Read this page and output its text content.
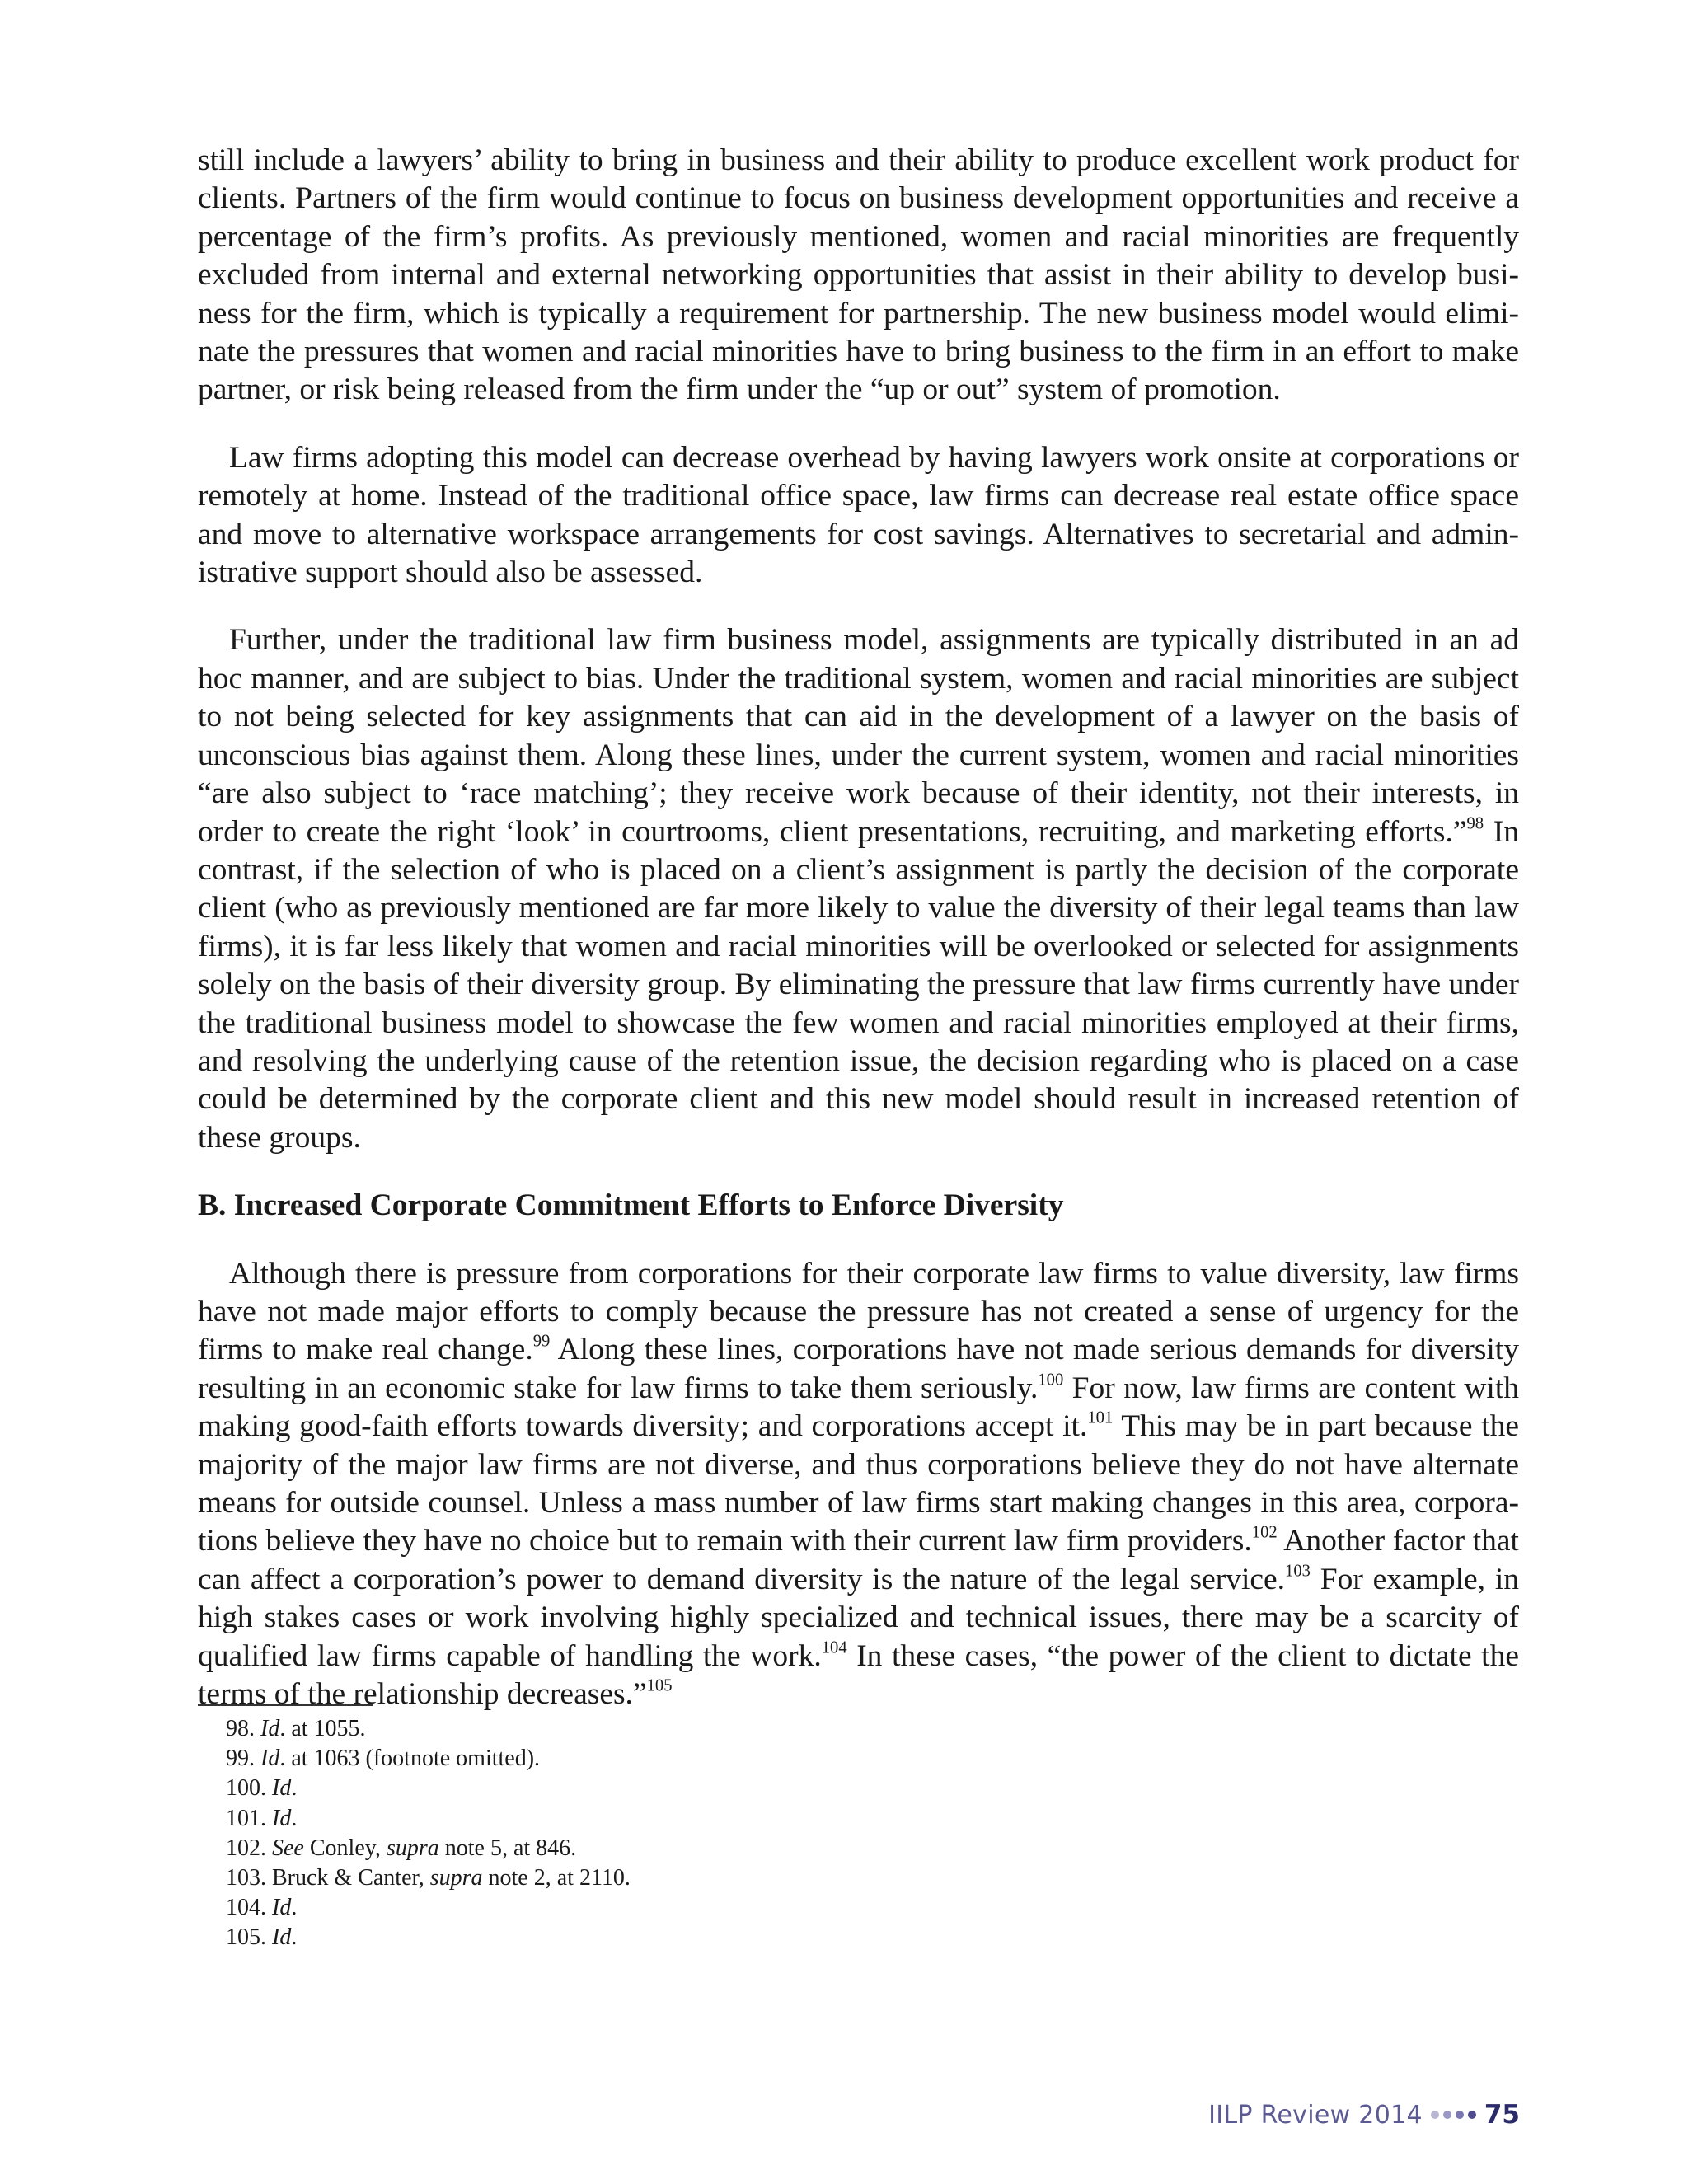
still include a lawyers’ ability to bring in business and their ability to produce excellent work product for clients. Partners of the firm would continue to focus on business development opportunities and receive a percentage of the firm’s profits. As previously mentioned, women and racial minorities are frequently excluded from internal and external networking opportunities that assist in their ability to develop business for the firm, which is typically a requirement for partnership. The new business model would eliminate the pressures that women and racial minorities have to bring business to the firm in an effort to make partner, or risk being released from the firm under the “up or out” system of promotion.

Law firms adopting this model can decrease overhead by having lawyers work onsite at corporations or remotely at home. Instead of the traditional office space, law firms can decrease real estate office space and move to alternative workspace arrangements for cost savings. Alternatives to secretarial and administrative support should also be assessed.

Further, under the traditional law firm business model, assignments are typically distributed in an ad hoc manner, and are subject to bias. Under the traditional system, women and racial minorities are subject to not being selected for key assignments that can aid in the development of a lawyer on the basis of unconscious bias against them. Along these lines, under the current system, women and racial minorities “are also subject to ‘race matching’; they receive work because of their identity, not their interests, in order to create the right ‘look’ in courtrooms, client presentations, recruiting, and marketing efforts.”$^{98}$ In contrast, if the selection of who is placed on a client’s assignment is partly the decision of the corporate client (who as previously mentioned are far more likely to value the diversity of their legal teams than law firms), it is far less likely that women and racial minorities will be overlooked or selected for assignments solely on the basis of their diversity group. By eliminating the pressure that law firms currently have under the traditional business model to showcase the few women and racial minorities employed at their firms, and resolving the underlying cause of the retention issue, the decision regarding who is placed on a case could be determined by the corporate client and this new model should result in increased retention of these groups.

B. Increased Corporate Commitment Efforts to Enforce Diversity

Although there is pressure from corporations for their corporate law firms to value diversity, law firms have not made major efforts to comply because the pressure has not created a sense of urgency for the firms to make real change.$^{99}$ Along these lines, corporations have not made serious demands for diversity resulting in an economic stake for law firms to take them seriously.$^{100}$ For now, law firms are content with making good-faith efforts towards diversity; and corporations accept it.$^{101}$ This may be in part because the majority of the major law firms are not diverse, and thus corporations believe they do not have alternate means for outside counsel. Unless a mass number of law firms start making changes in this area, corporations believe they have no choice but to remain with their current law firm providers.$^{102}$ Another factor that can affect a corporation’s power to demand diversity is the nature of the legal service.$^{103}$ For example, in high stakes cases or work involving highly specialized and technical issues, there may be a scarcity of qualified law firms capable of handling the work.$^{104}$ In these cases, “the power of the client to dictate the terms of the relationship decreases.”$^{105}$

98. Id. at 1055.
99. Id. at 1063 (footnote omitted).
100. Id.
101. Id.
102. See Conley, supra note 5, at 846.
103. Bruck & Canter, supra note 2, at 2110.
104. Id.
105. Id.
IILP Review 2014 75
